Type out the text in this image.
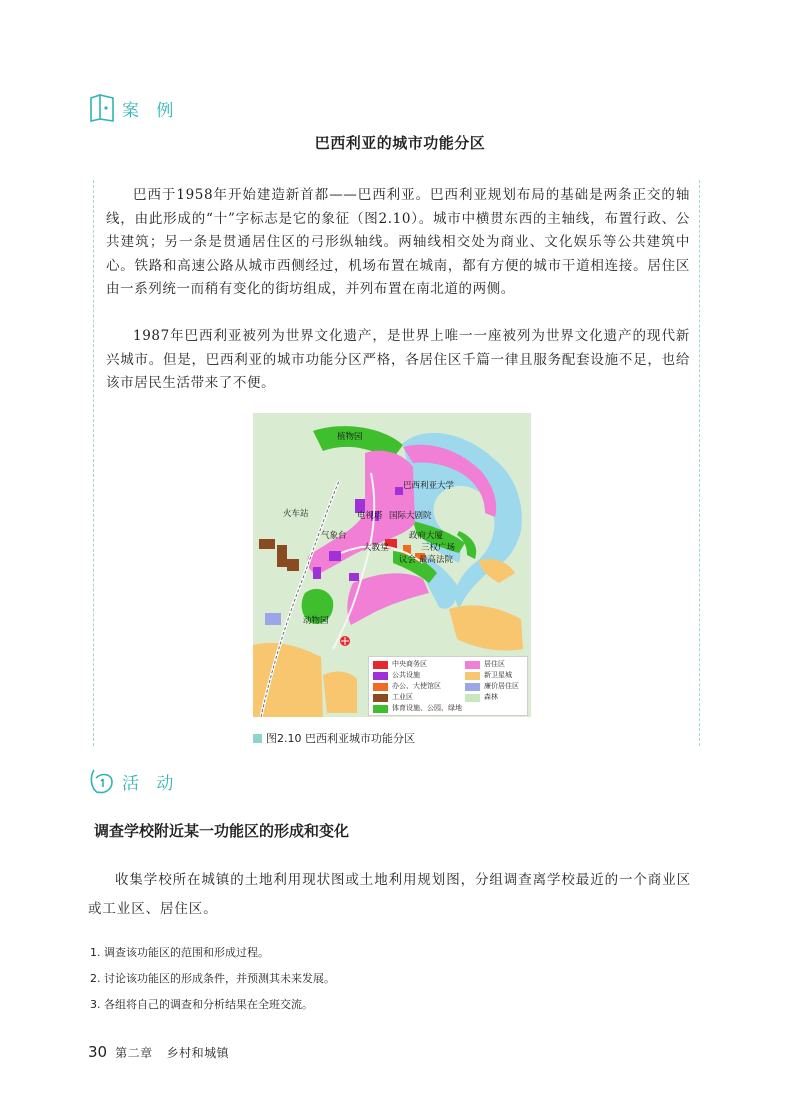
案 例
巴西利亚的城市功能分区

巴西于1958年开始建造新首都——巴西利亚。巴西利亚规划布局的基础是两条正交的轴线，由此形成的“十”字标志是它的象征（图2.10）。城市中横贯东西的主轴线，布置行政、公共建筑；另一条是贯通居住区的弓形纵轴线。两轴线相交处为商业、文化娱乐等公共建筑中心。铁路和高速公路从城市西侧经过，机场布置在城南，都有方便的城市干道相连接。居住区由一系列统一而稍有变化的街坊组成，并列布置在南北道的两侧。

1987年巴西利亚被列为世界文化遗产，是世界上唯一一座被列为世界文化遗产的现代新兴城市。但是，巴西利亚的城市功能分区严格，各居住区千篇一律且服务配套设施不足，也给该市居民生活带来了不便。

植物园
巴西利亚大学
火车站	电视塔 国际大剧院
气象台	政府大厦
大教堂	三权广场
议会 最高法院
动物园
中央商务区	居住区
公共设施	新卫星城
办公、大使馆区	廉价居住区
工业区	森林
体育设施、公园、绿地
图2.10 巴西利亚城市功能分区
活 动
调查学校附近某一功能区的形成和变化

收集学校所在城镇的土地利用现状图或土地利用规划图，分组调查离学校最近的一个商业区或工业区、居住区。

1. 调查该功能区的范围和形成过程。
2. 讨论该功能区的形成条件，并预测其未来发展。
3. 各组将自己的调查和分析结果在全班交流。
30 第二章 乡村和城镇
